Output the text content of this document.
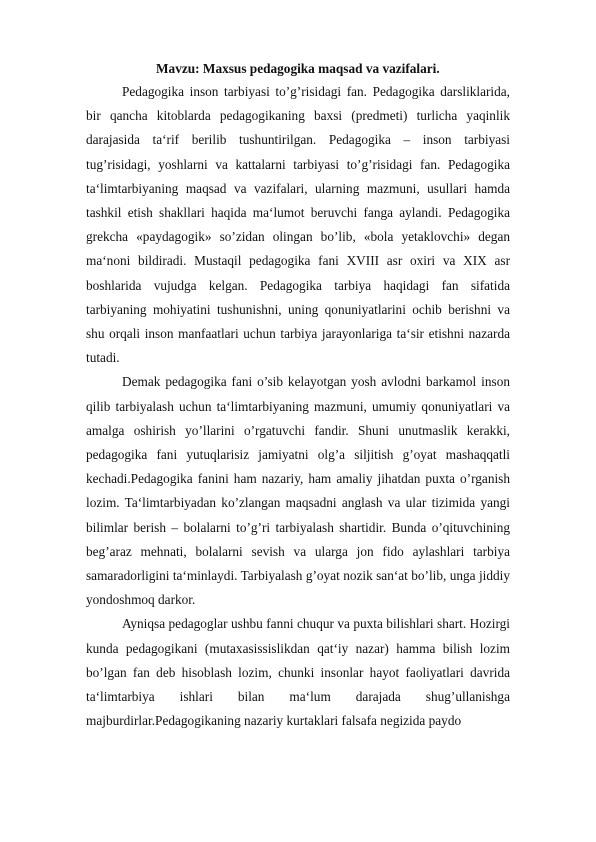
Mavzu: Maxsus pedagogika maqsad va vazifalari.

Pedagogika inson tarbiyasi to’g’risidagi fan. Pedagogika darsliklarida, bir qancha kitoblarda pedagogikaning baxsi (predmeti) turlicha yaqinlik darajasida ta‘rif berilib tushuntirilgan. Pedagogika – inson tarbiyasi tug’risidagi, yoshlarni va kattalarni tarbiyasi to’g’risidagi fan. Pedagogika ta‘limtarbiyaning maqsad va vazifalari, ularning mazmuni, usullari hamda tashkil etish shakllari haqida ma‘lumot beruvchi fanga aylandi. Pedagogika grekcha «paydagogik» so’zidan olingan bo’lib, «bola yetaklovchi» degan ma‘noni bildiradi. Mustaqil pedagogika fani XVIII asr oxiri va XIX asr boshlarida vujudga kelgan. Pedagogika tarbiya haqidagi fan sifatida tarbiyaning mohiyatini tushunishni, uning qonuniyatlarini ochib berishni va shu orqali inson manfaatlari uchun tarbiya jarayonlariga ta‘sir etishni nazarda tutadi.

Demak pedagogika fani o’sib kelayotgan yosh avlodni barkamol inson qilib tarbiyalash uchun ta‘limtarbiyaning mazmuni, umumiy qonuniyatlari va amalga oshirish yo’llarini o’rgatuvchi fandir. Shuni unutmaslik kerakki, pedagogika fani yutuqlarisiz jamiyatni olg’a siljitish g’oyat mashaqqatli kechadi.Pedagogika fanini ham nazariy, ham amaliy jihatdan puxta o’rganish lozim. Ta‘limtarbiyadan ko’zlangan maqsadni anglash va ular tizimida yangi bilimlar berish – bolalarni to’g’ri tarbiyalash shartidir. Bunda o’qituvchining beg’araz mehnati, bolalarni sevish va ularga jon fido aylashlari tarbiya samaradorligini ta‘minlaydi. Tarbiyalash g’oyat nozik san‘at bo’lib, unga jiddiy yondoshmoq darkor.

Ayniqsa pedagoglar ushbu fanni chuqur va puxta bilishlari shart. Hozirgi kunda pedagogikani (mutaxasissislikdan qat‘iy nazar) hamma bilish lozim bo’lgan fan deb hisoblash lozim, chunki insonlar hayot faoliyatlari davrida ta‘limtarbiya ishlari bilan ma‘lum darajada shug’ullanishga majburdirlar.Pedagogikaning nazariy kurtaklari falsafa negizida paydo
